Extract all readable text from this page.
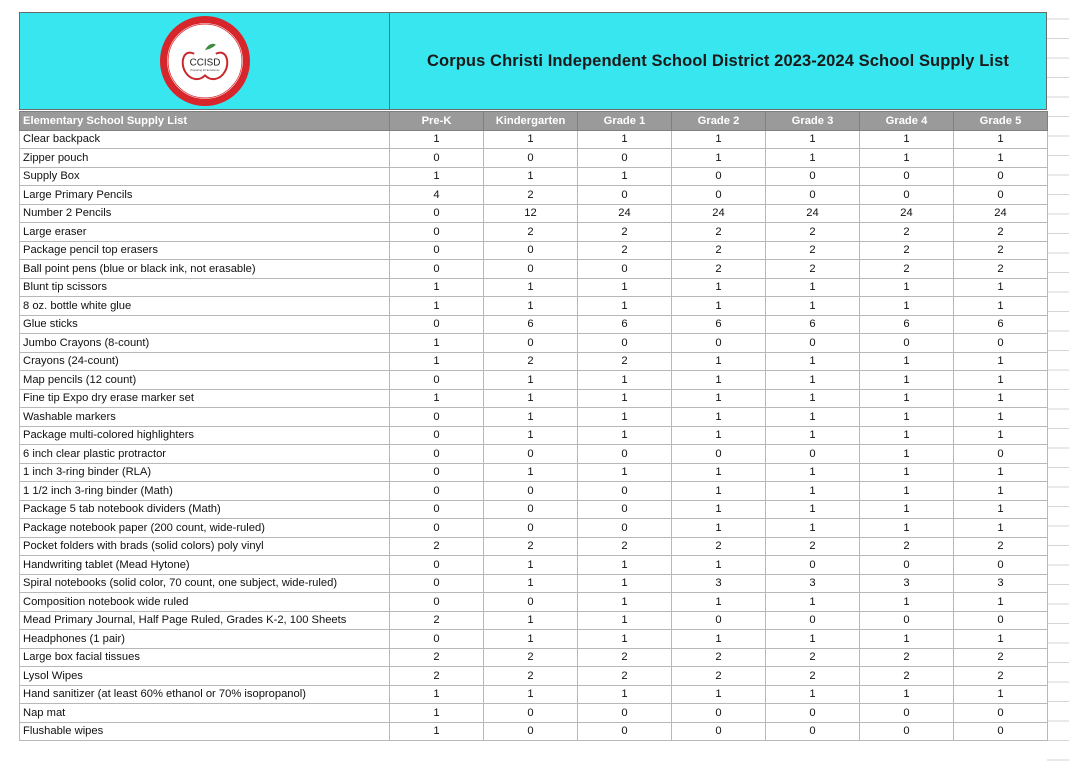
CORPUS CHRISTI
INDEPENDENT SCHOOL DISTRICT
CCISD
Preparing for Excellence
Corpus Christi Independent School District 2023-2024 School Supply List
Elementary School Supply List	Pre-K	Kindergarten	Grade 1	Grade 2	Grade 3	Grade 4	Grade 5
Clear backpack	1	1	1	1	1	1	1
Zipper pouch	0	0	0	1	1	1	1
Supply Box	1	1	1	0	0	0	0
Large Primary Pencils	4	2	0	0	0	0	0
Number 2 Pencils	0	12	24	24	24	24	24
Large eraser	0	2	2	2	2	2	2
Package pencil top erasers	0	0	2	2	2	2	2
Ball point pens (blue or black ink, not erasable)	0	0	0	2	2	2	2
Blunt tip scissors	1	1	1	1	1	1	1
8 oz. bottle white glue	1	1	1	1	1	1	1
Glue sticks	0	6	6	6	6	6	6
Jumbo Crayons (8-count)	1	0	0	0	0	0	0
Crayons (24-count)	1	2	2	1	1	1	1
Map pencils (12 count)	0	1	1	1	1	1	1
Fine tip Expo dry erase marker set	1	1	1	1	1	1	1
Washable markers	0	1	1	1	1	1	1
Package multi-colored highlighters	0	1	1	1	1	1	1
6 inch clear plastic protractor	0	0	0	0	0	1	0
1 inch 3-ring binder (RLA)	0	1	1	1	1	1	1
1 1/2 inch 3-ring binder (Math)	0	0	0	1	1	1	1
Package 5 tab notebook dividers (Math)	0	0	0	1	1	1	1
Package notebook paper (200 count, wide-ruled)	0	0	0	1	1	1	1
Pocket folders with brads (solid colors) poly vinyl	2	2	2	2	2	2	2
Handwriting tablet (Mead Hytone)	0	1	1	1	0	0	0
Spiral notebooks (solid color, 70 count, one subject, wide-ruled)	0	1	1	3	3	3	3
Composition notebook wide ruled	0	0	1	1	1	1	1
Mead Primary Journal, Half Page Ruled, Grades K-2, 100 Sheets	2	1	1	0	0	0	0
Headphones (1 pair)	0	1	1	1	1	1	1
Large box facial tissues	2	2	2	2	2	2	2
Lysol Wipes	2	2	2	2	2	2	2
Hand sanitizer (at least 60% ethanol or 70% isopropanol)	1	1	1	1	1	1	1
Nap mat	1	0	0	0	0	0	0
Flushable wipes	1	0	0	0	0	0	0
